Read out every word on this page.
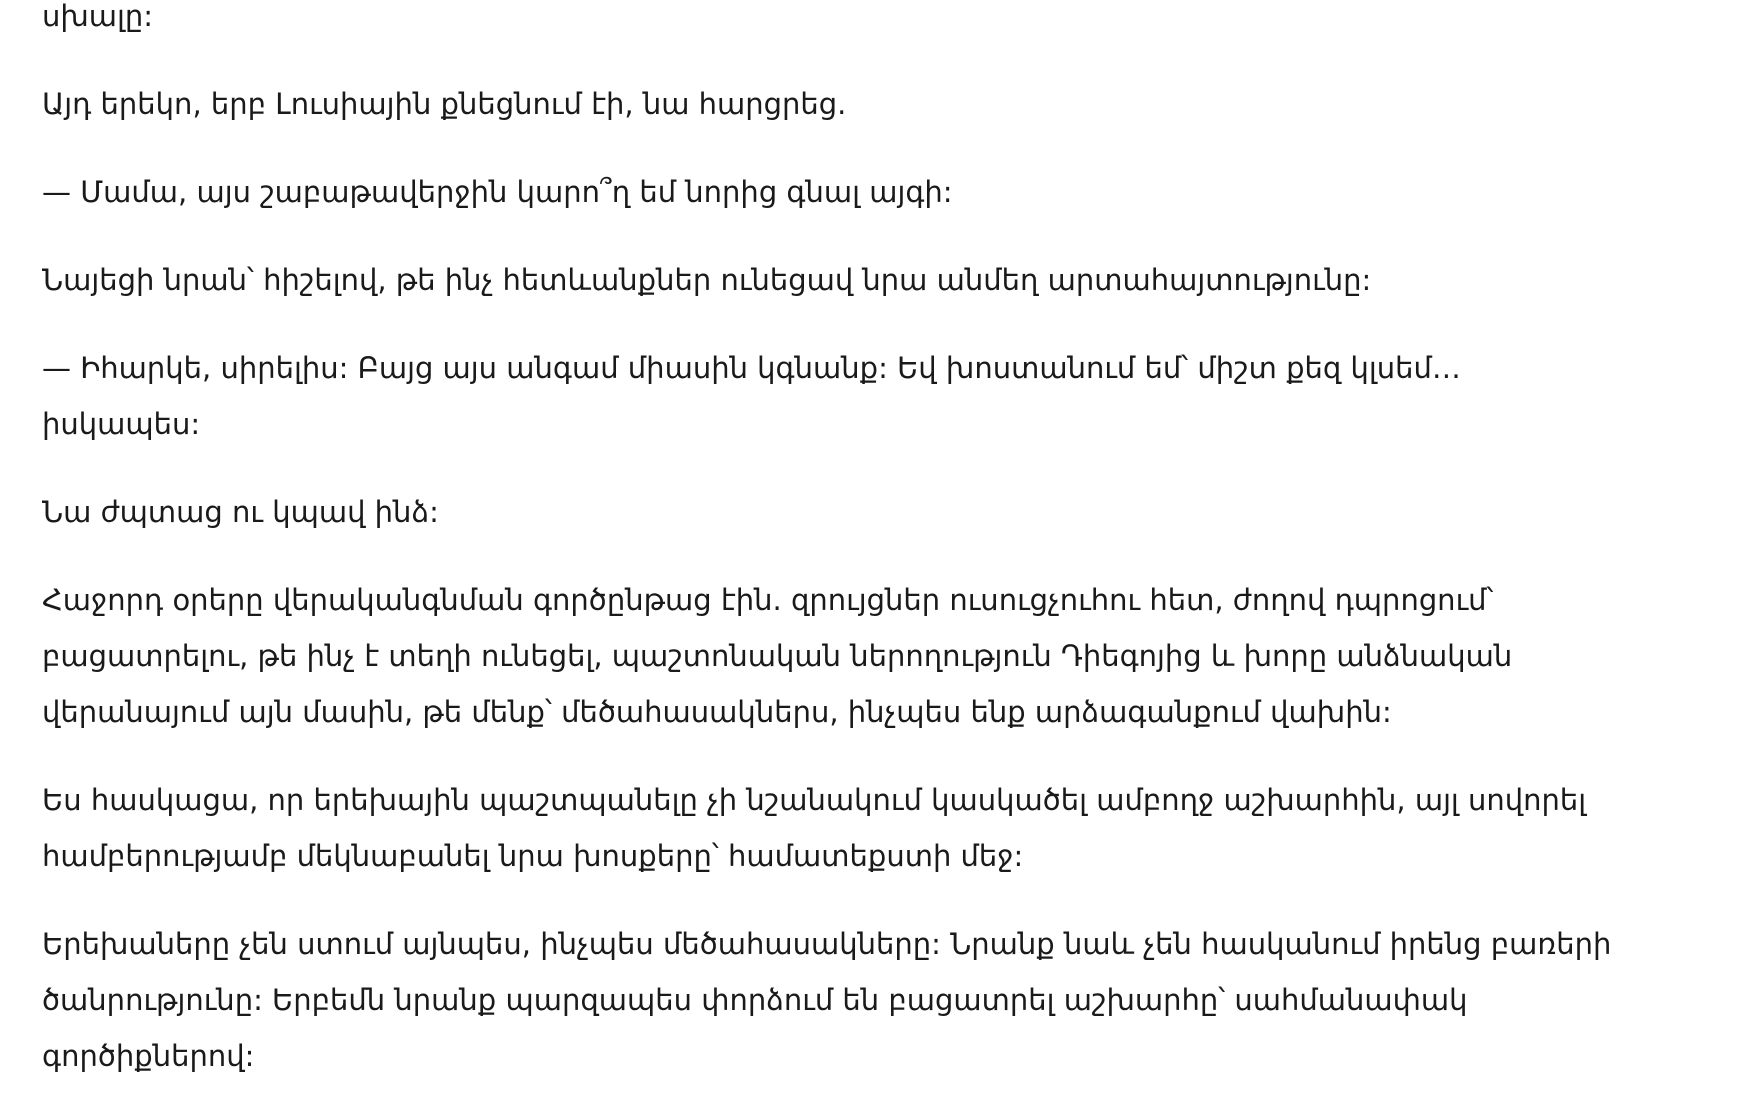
սխալը:

Այդ երեկո, երբ Լուսիային քնեցնում էի, նա հարցրեց.

— Մամա, այս շաբաթավերջին կարո՞ղ եմ նորից գնալ այգի:

Նայեցի նրան՝ հիշելով, թե ինչ հետևանքներ ունեցավ նրա անմեղ արտահայտությունը:

— Իհարկե, սիրելիս: Բայց այս անգամ միասին կգնանք: Եվ խոստանում եմ՝ միշտ քեզ կլսեմ…
իսկապես:

Նա ժպտաց ու կպավ ինձ:

Հաջորդ օրերը վերականգնման գործընթաց էին. զրույցներ ուսուցչուհու հետ, ժողով դպրոցում՝
բացատրելու, թե ինչ է տեղի ունեցել, պաշտոնական ներողություն Դիեգոյից և խորը անձնական
վերանայում այն մասին, թե մենք՝ մեծահասակներս, ինչպես ենք արձագանքում վախին:

Ես հասկացա, որ երեխային պաշտպանելը չի նշանակում կասկածել ամբողջ աշխարհին, այլ սովորել
համբերությամբ մեկնաբանել նրա խոսքերը՝ համատեքստի մեջ:

Երեխաները չեն ստում այնպես, ինչպես մեծահասակները: Նրանք նաև չեն հասկանում իրենց բառերի
ծանրությունը: Երբեմն նրանք պարզապես փորձում են բացատրել աշխարհը՝ սահմանափակ
գործիքներով:
